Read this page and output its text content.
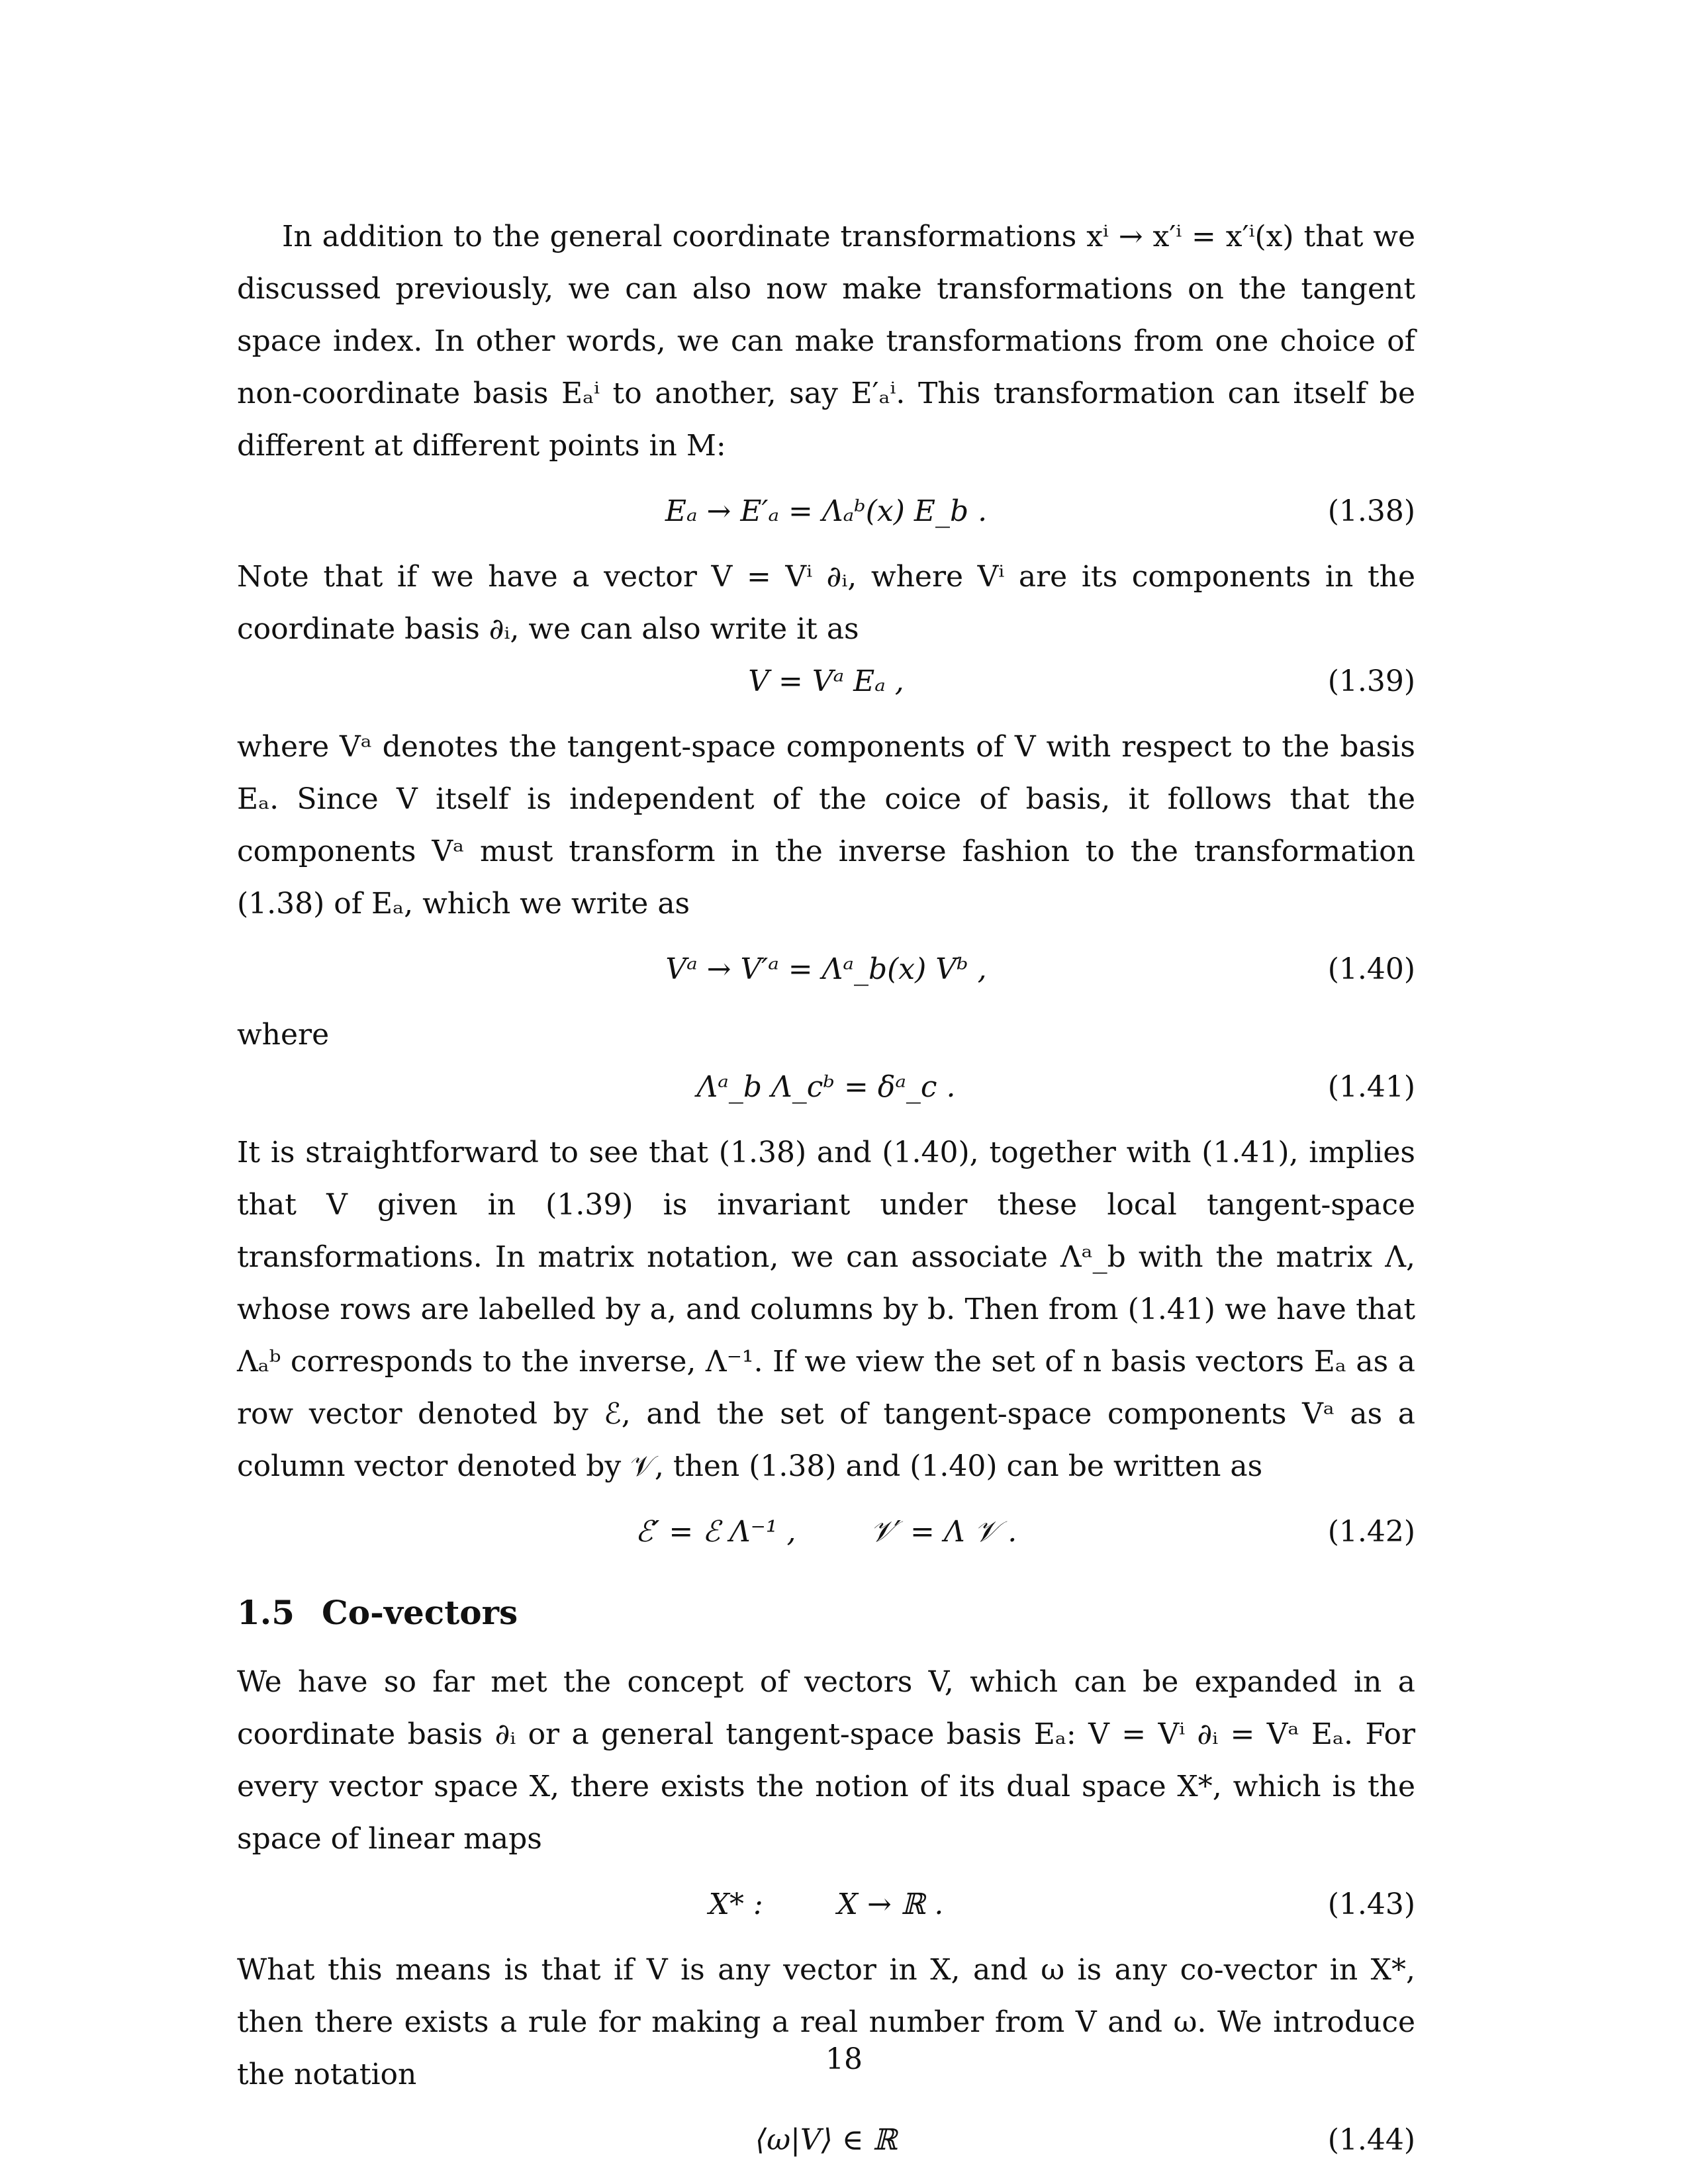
In addition to the general coordinate transformations xⁱ → x′ⁱ = x′ⁱ(x) that we discussed previously, we can also now make transformations on the tangent space index. In other words, we can make transformations from one choice of non-coordinate basis Eₐⁱ to another, say E′ₐⁱ. This transformation can itself be different at different points in M:

Eₐ → E′ₐ = Λₐᵇ(x) E_b .	(1.38)

Note that if we have a vector V = Vⁱ ∂ᵢ, where Vⁱ are its components in the coordinate basis ∂ᵢ, we can also write it as

V = Vᵃ Eₐ ,	(1.39)

where Vᵃ denotes the tangent-space components of V with respect to the basis Eₐ. Since V itself is independent of the coice of basis, it follows that the components Vᵃ must transform in the inverse fashion to the transformation (1.38) of Eₐ, which we write as

Vᵃ → V′ᵃ = Λᵃ_b(x) Vᵇ ,	(1.40)

where

Λᵃ_b Λ_cᵇ = δᵃ_c .	(1.41)

It is straightforward to see that (1.38) and (1.40), together with (1.41), implies that V given in (1.39) is invariant under these local tangent-space transformations. In matrix notation, we can associate Λᵃ_b with the matrix Λ, whose rows are labelled by a, and columns by b. Then from (1.41) we have that Λₐᵇ corresponds to the inverse, Λ⁻¹. If we view the set of n basis vectors Eₐ as a row vector denoted by ℰ, and the set of tangent-space components Vᵃ as a column vector denoted by 𝒱, then (1.38) and (1.40) can be written as

ℰ′ = ℰ Λ⁻¹ ,        𝒱′ = Λ 𝒱 .	(1.42)
1.5 Co-vectors

We have so far met the concept of vectors V, which can be expanded in a coordinate basis ∂ᵢ or a general tangent-space basis Eₐ: V = Vⁱ ∂ᵢ = Vᵃ Eₐ. For every vector space X, there exists the notion of its dual space X*, which is the space of linear maps

X* :        X → ℝ .	(1.43)

What this means is that if V is any vector in X, and ω is any co-vector in X*, then there exists a rule for making a real number from V and ω. We introduce the notation

⟨ω|V⟩ ∈ ℝ	(1.44)
18
